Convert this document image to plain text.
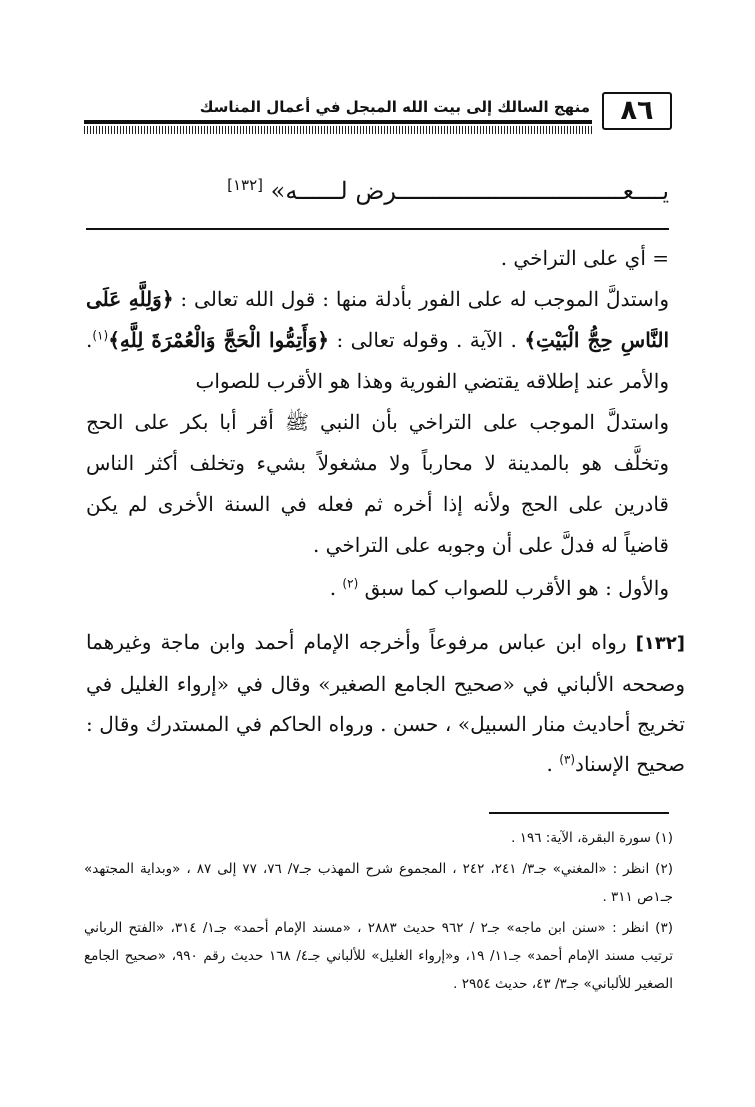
٨٦
منهج السالك إلى بيت الله المبجل في أعمال المناسك
يــــعــــــــــــــــــــــــــــــــرض لــــــه» [١٣٢]

= أي على التراخي .

واستدلَّ الموجب له على الفور بأدلة منها : قول الله تعالى : ﴿وَلِلَّهِ عَلَى النَّاسِ حِجُّ الْبَيْتِ﴾ . الآية . وقوله تعالى : ﴿وَأَتِمُّوا الْحَجَّ وَالْعُمْرَةَ لِلَّهِ﴾$^{(١)}$. والأمر عند إطلاقه يقتضي الفورية وهذا هو الأقرب للصواب

واستدلَّ الموجب على التراخي بأن النبي ﷺ أقر أبا بكر على الحج وتخلَّف هو بالمدينة لا محارباً ولا مشغولاً بشيء وتخلف أكثر الناس قادرين على الحج ولأنه إذا أخره ثم فعله في السنة الأخرى لم يكن قاضياً له فدلَّ على أن وجوبه على التراخي .

والأول : هو الأقرب للصواب كما سبق $^{(٢)}$ .

[١٣٢] رواه ابن عباس مرفوعاً وأخرجه الإمام أحمد وابن ماجة وغيرهما وصححه الألباني في «صحيح الجامع الصغير» وقال في «إرواء الغليل في تخريج أحاديث منار السبيل» ، حسن . ورواه الحاكم في المستدرك وقال : صحيح الإسناد$^{(٣)}$ .

(١) سورة البقرة، الآية: ١٩٦ .

(٢) انظر : «المغني» جـ٣/ ٢٤١، ٢٤٢ ، المجموع شرح المهذب جـ٧/ ٧٦، ٧٧ إلى ٨٧ ، «وبداية المجتهد» جـ١ص ٣١١ .

(٣) انظر : «سنن ابن ماجه» جـ٢ / ٩٦٢ حديث ٢٨٨٣ ، «مسند الإمام أحمد» جـ١/ ٣١٤، «الفتح الرباني ترتيب مسند الإمام أحمد» جـ١١/ ١٩، و«إرواء الغليل» للألباني جـ٤/ ١٦٨ حديث رقم ٩٩٠، «صحيح الجامع الصغير للألباني» جـ٣/ ٤٣، حديث ٢٩٥٤ .
